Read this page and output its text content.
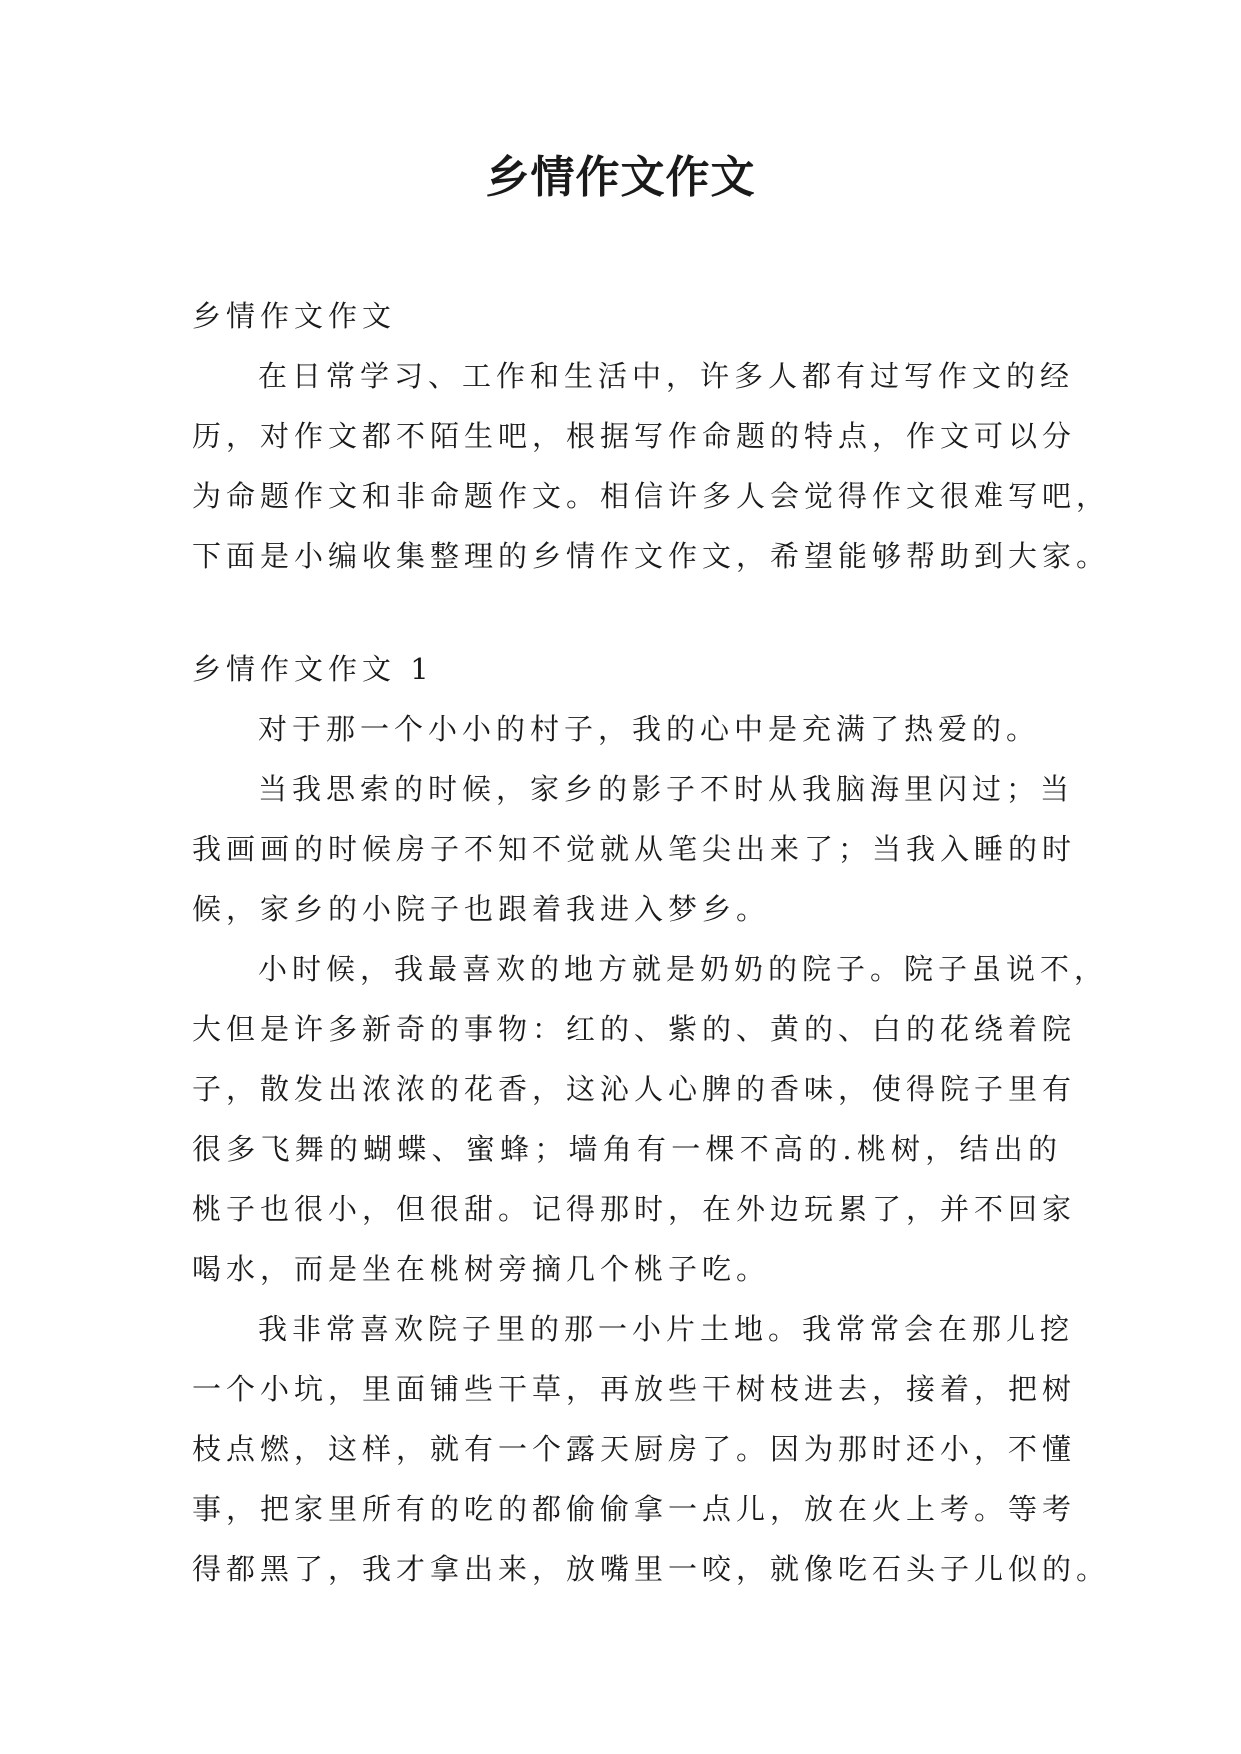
乡情作文作文
乡情作文作文
在日常学习、工作和生活中，许多人都有过写作文的经
历，对作文都不陌生吧，根据写作命题的特点，作文可以分
为命题作文和非命题作文。相信许多人会觉得作文很难写吧，
下面是小编收集整理的乡情作文作文，希望能够帮助到大家。
乡情作文作文 1
对于那一个小小的村子，我的心中是充满了热爱的。
当我思索的时候，家乡的影子不时从我脑海里闪过；当
我画画的时候房子不知不觉就从笔尖出来了；当我入睡的时
候，家乡的小院子也跟着我进入梦乡。
小时候，我最喜欢的地方就是奶奶的院子。院子虽说不，
大但是许多新奇的事物：红的、紫的、黄的、白的花绕着院
子，散发出浓浓的花香，这沁人心脾的香味，使得院子里有
很多飞舞的蝴蝶、蜜蜂；墙角有一棵不高的.桃树，结出的
桃子也很小，但很甜。记得那时，在外边玩累了，并不回家
喝水，而是坐在桃树旁摘几个桃子吃。
我非常喜欢院子里的那一小片土地。我常常会在那儿挖
一个小坑，里面铺些干草，再放些干树枝进去，接着，把树
枝点燃，这样，就有一个露天厨房了。因为那时还小，不懂
事，把家里所有的吃的都偷偷拿一点儿，放在火上考。等考
得都黑了，我才拿出来，放嘴里一咬，就像吃石头子儿似的。
